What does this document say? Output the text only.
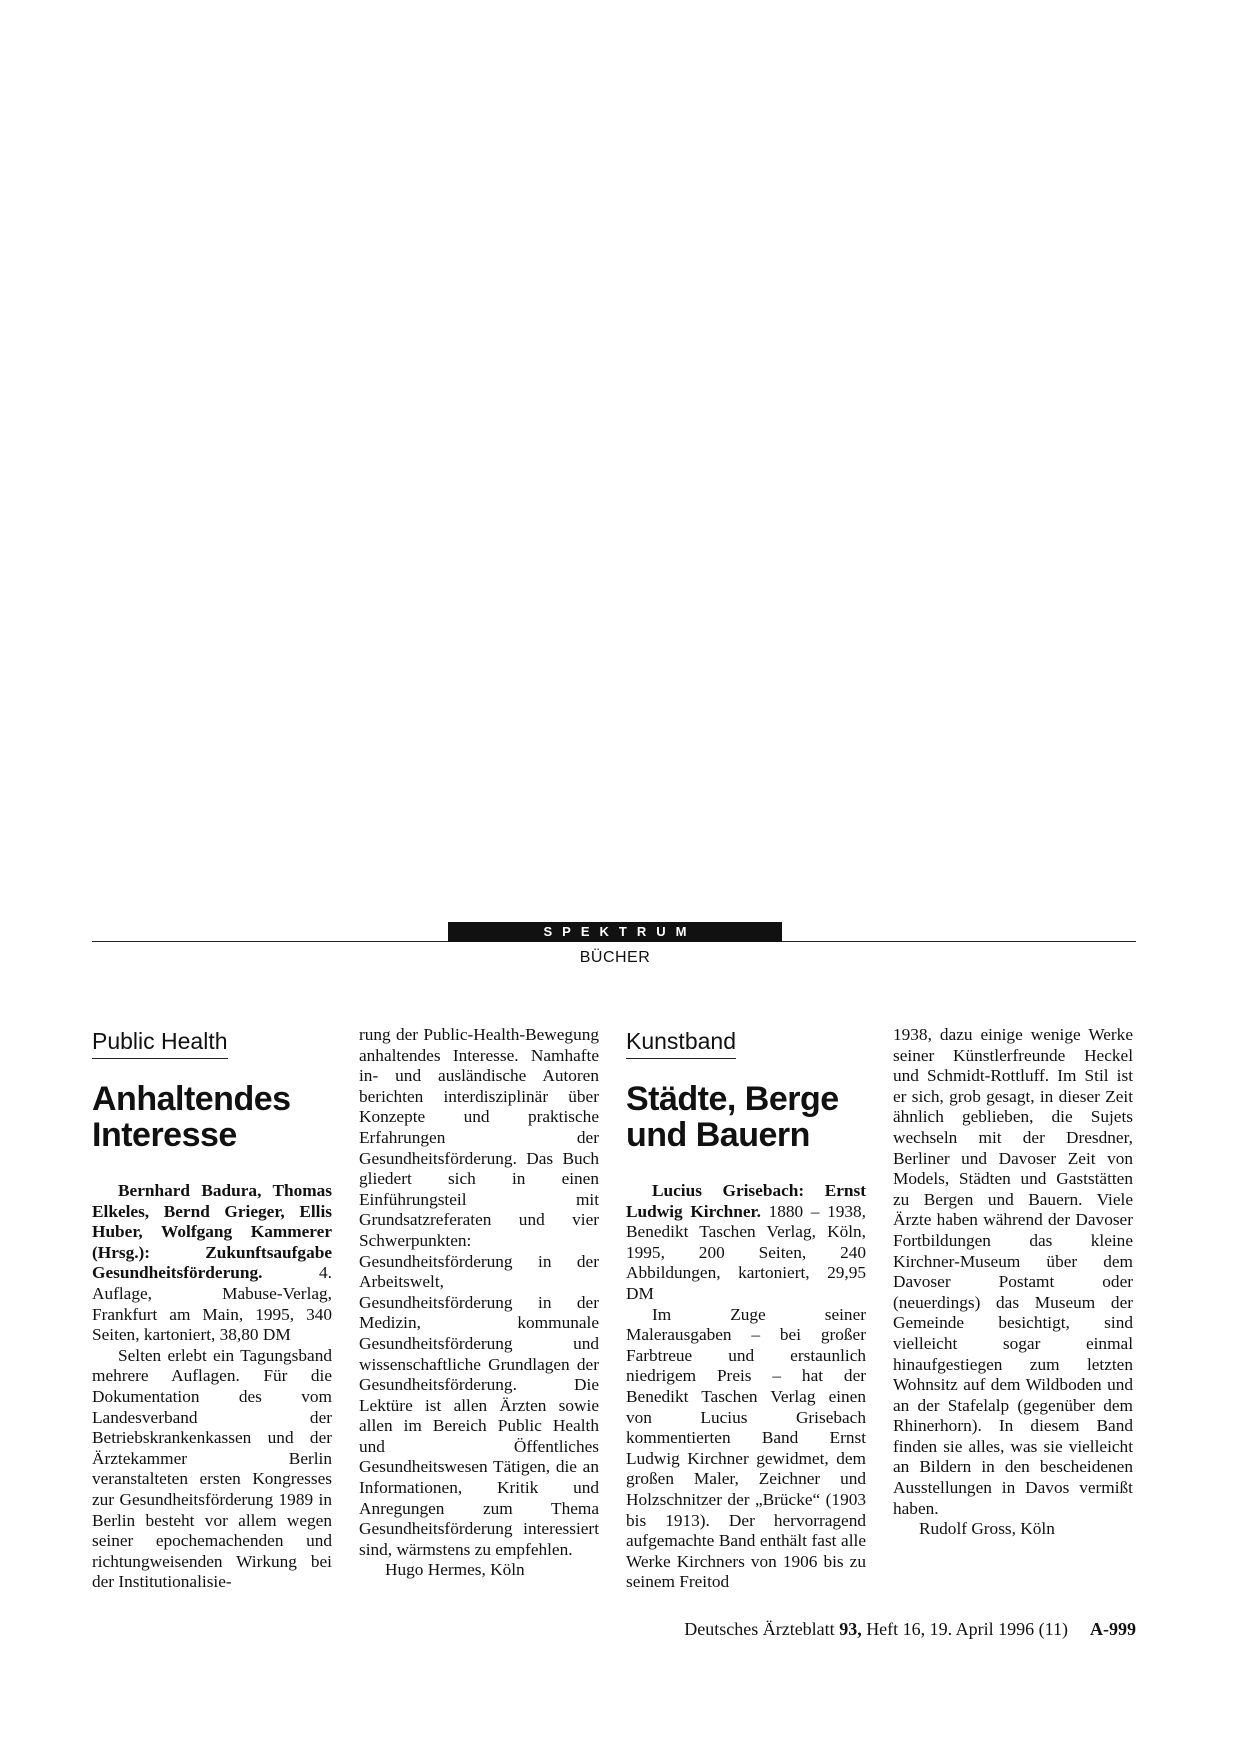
SPEKTRUM
BÜCHER
Public Health
Anhaltendes
Interesse

Bernhard Badura, Thomas Elkeles, Bernd Grieger, Ellis Huber, Wolfgang Kammerer (Hrsg.): Zukunftsaufgabe Gesundheitsförderung. 4. Auflage, Mabuse-Verlag, Frankfurt am Main, 1995, 340 Seiten, kartoniert, 38,80 DM

Selten erlebt ein Tagungsband mehrere Auflagen. Für die Dokumentation des vom Landesverband der Betriebskrankenkassen und der Ärztekammer Berlin veranstalteten ersten Kongresses zur Gesundheitsförderung 1989 in Berlin besteht vor allem wegen seiner epochemachenden und richtungweisenden Wirkung bei der Institutionalisie-

rung der Public-Health-Bewegung anhaltendes Interesse. Namhafte in- und ausländische Autoren berichten interdisziplinär über Konzepte und praktische Erfahrungen der Gesundheitsförderung. Das Buch gliedert sich in einen Einführungsteil mit Grundsatzreferaten und vier Schwerpunkten: Gesundheitsförderung in der Arbeitswelt, Gesundheitsförderung in der Medizin, kommunale Gesundheitsförderung und wissenschaftliche Grundlagen der Gesundheitsförderung. Die Lektüre ist allen Ärzten sowie allen im Bereich Public Health und Öffentliches Gesundheitswesen Tätigen, die an Informationen, Kritik und Anregungen zum Thema Gesundheitsförderung interessiert sind, wärmstens zu empfehlen.

Hugo Hermes, Köln

Kunstband
Städte, Berge
und Bauern

Lucius Grisebach: Ernst Ludwig Kirchner. 1880 – 1938, Benedikt Taschen Verlag, Köln, 1995, 200 Seiten, 240 Abbildungen, kartoniert, 29,95 DM

Im Zuge seiner Malerausgaben – bei großer Farbtreue und erstaunlich niedrigem Preis – hat der Benedikt Taschen Verlag einen von Lucius Grisebach kommentierten Band Ernst Ludwig Kirchner gewidmet, dem großen Maler, Zeichner und Holzschnitzer der „Brücke“ (1903 bis 1913). Der hervorragend aufgemachte Band enthält fast alle Werke Kirchners von 1906 bis zu seinem Freitod

1938, dazu einige wenige Werke seiner Künstlerfreunde Heckel und Schmidt-Rottluff. Im Stil ist er sich, grob gesagt, in dieser Zeit ähnlich geblieben, die Sujets wechseln mit der Dresdner, Berliner und Davoser Zeit von Models, Städten und Gaststätten zu Bergen und Bauern. Viele Ärzte haben während der Davoser Fortbildungen das kleine Kirchner-Museum über dem Davoser Postamt oder (neuerdings) das Museum der Gemeinde besichtigt, sind vielleicht sogar einmal hinaufgestiegen zum letzten Wohnsitz auf dem Wildboden und an der Stafelalp (gegenüber dem Rhinerhorn). In diesem Band finden sie alles, was sie vielleicht an Bildern in den bescheidenen Ausstellungen in Davos vermißt haben.

Rudolf Gross, Köln

Deutsches Ärzteblatt 93, Heft 16, 19. April 1996 (11) A-999
